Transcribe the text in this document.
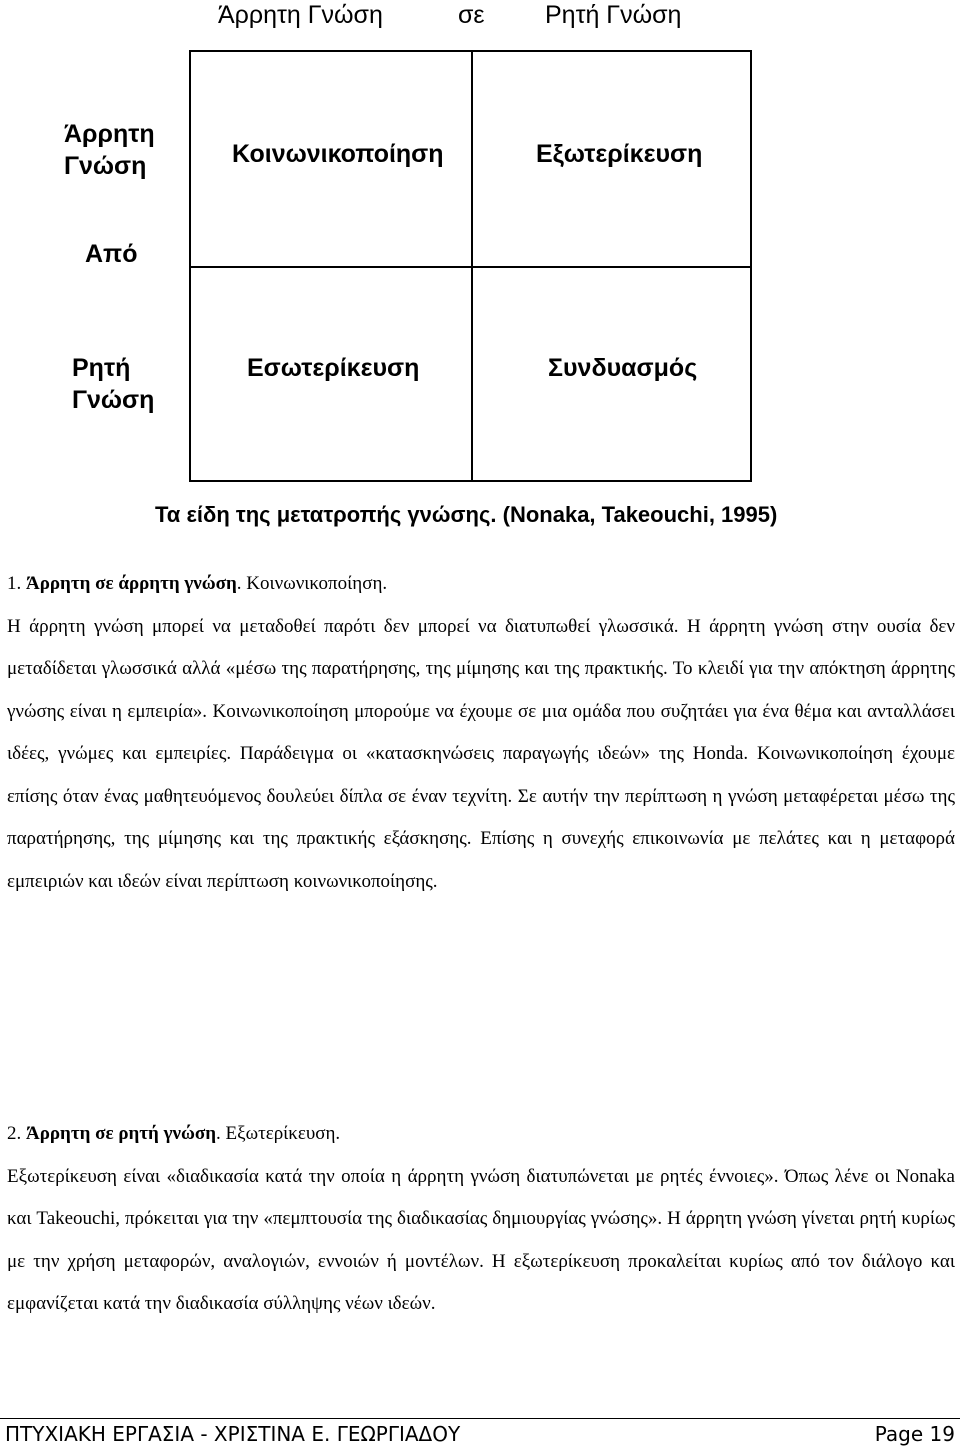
Άρρητη Γνώση	σε Ρητή Γνώση
Άρρητη Γνώση
Από
Ρητή Γνώση
Κοινωνικοποίηση	Εξωτερίκευση
Εσωτερίκευση	Συνδυασμός
Τα είδη της μετατροπής γνώσης. (Nonaka, Takeouchi, 1995)

1. Άρρητη σε άρρητη γνώση. Κοινωνικοποίηση.

Η άρρητη γνώση μπορεί να μεταδοθεί παρότι δεν μπορεί να διατυπωθεί γλωσσικά. Η άρρητη γνώση στην ουσία δεν μεταδίδεται γλωσσικά αλλά «μέσω της παρατήρησης, της μίμησης και της πρακτικής. Το κλειδί για την απόκτηση άρρητης γνώσης είναι η εμπειρία». Κοινωνικοποίηση μπορούμε να έχουμε σε μια ομάδα που συζητάει για ένα θέμα και ανταλλάσει ιδέες, γνώμες και εμπειρίες. Παράδειγμα οι «κατασκηνώσεις παραγωγής ιδεών» της Honda. Κοινωνικοποίηση έχουμε επίσης όταν ένας μαθητευόμενος δουλεύει δίπλα σε έναν τεχνίτη. Σε αυτήν την περίπτωση η γνώση μεταφέρεται μέσω της παρατήρησης, της μίμησης και της πρακτικής εξάσκησης. Επίσης η συνεχής επικοινωνία με πελάτες και η μεταφορά εμπειριών και ιδεών είναι περίπτωση κοινωνικοποίησης.

2. Άρρητη σε ρητή γνώση. Εξωτερίκευση.

Εξωτερίκευση είναι «διαδικασία κατά την οποία η άρρητη γνώση διατυπώνεται με ρητές έννοιες». Όπως λένε οι Nonaka και Takeouchi, πρόκειται για την «πεμπτουσία της διαδικασίας δημιουργίας γνώσης». Η άρρητη γνώση γίνεται ρητή κυρίως με την χρήση μεταφορών, αναλογιών, εννοιών ή μοντέλων. Η εξωτερίκευση προκαλείται κυρίως από τον διάλογο και εμφανίζεται κατά την διαδικασία σύλληψης νέων ιδεών.

ΠΤΥΧΙΑΚΗ ΕΡΓΑΣΙΑ - ΧΡΙΣΤΙΝΑ Ε. ΓΕΩΡΓΙΑΔΟΥ	Page 19
